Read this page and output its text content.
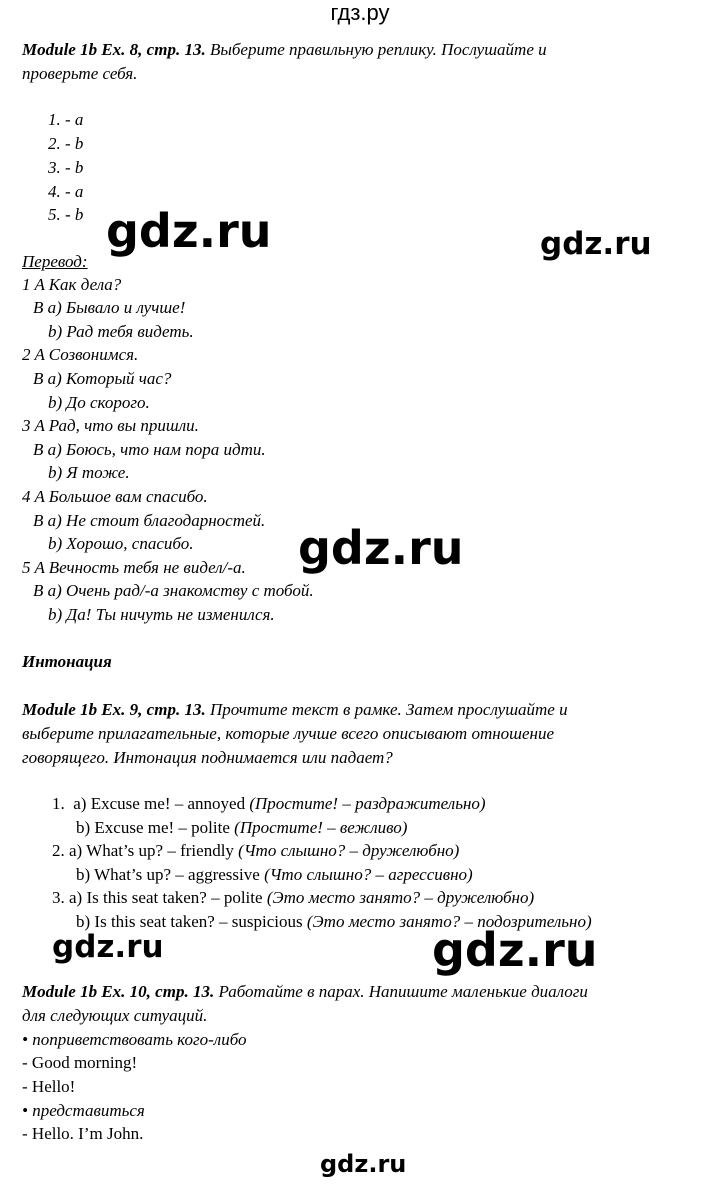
гдз.ру
Module 1b Ex. 8, стр. 13. Выберите правильную реплику. Послушайте и
проверьте себя.
1. - a
2. - b
3. - b
4. - a
5. - b
Перевод:
1 A Как дела?
B a) Бывало и лучше!
b) Рад тебя видеть.
2 A Созвонимся.
B a) Который час?
b) До скорого.
3 A Рад, что вы пришли.
B a) Боюсь, что нам пора идти.
b) Я тоже.
4 A Большое вам спасибо.
B a) Не стоит благодарностей.
b) Хорошо, спасибо.
5 A Вечность тебя не видел/-а.
B a) Очень рад/-а знакомству с тобой.
b) Да! Ты ничуть не изменился.
Интонация
Module 1b Ex. 9, стр. 13. Прочтите текст в рамке. Затем прослушайте и
выберите прилагательные, которые лучше всего описывают отношение
говорящего. Интонация поднимается или падает?
1. a) Excuse me! – annoyed (Простите! – раздражительно)
b) Excuse me! – polite (Простите! – вежливо)
2. a) What’s up? – friendly (Что слышно? – дружелюбно)
b) What’s up? – aggressive (Что слышно? – агрессивно)
3. a) Is this seat taken? – polite (Это место занято? – дружелюбно)
b) Is this seat taken? – suspicious (Это место занято? – подозрительно)
Module 1b Ex. 10, стр. 13. Работайте в парах. Напишите маленькие диалоги
для следующих ситуаций.
• поприветствовать кого-либо
- Good morning!
- Hello!
• представиться
- Hello. I’m John.
gdz.ru	gdz.ru
gdz.ru
gdz.ru	gdz.ru
gdz.ru
